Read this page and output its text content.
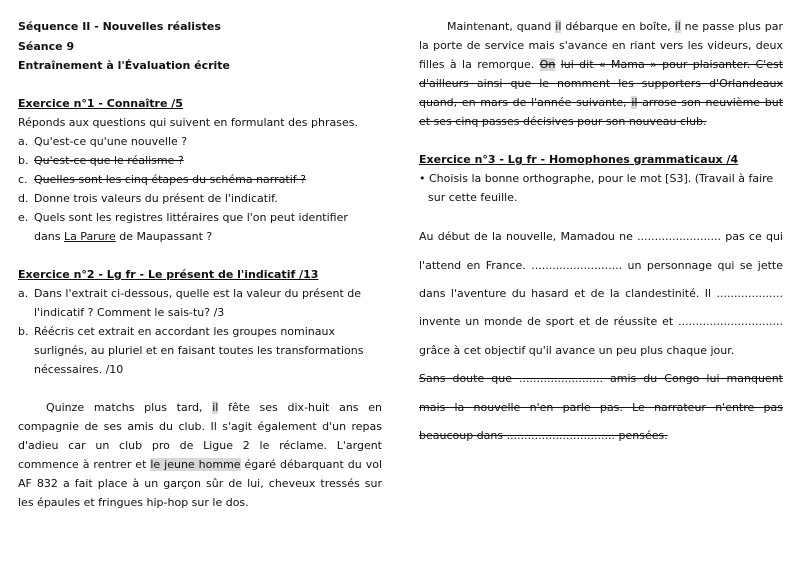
Séquence II - Nouvelles réalistes
Séance 9
Entraînement à l'Évaluation écrite
Exercice n°1 - Connaître /5
Réponds aux questions qui suivent en formulant des phrases.
a. Qu'est-ce qu'une nouvelle ?
b. Qu'est-ce que le réalisme ?
c. Quelles sont les cinq étapes du schéma narratif ?
d. Donne trois valeurs du présent de l'indicatif.
e. Quels sont les registres littéraires que l'on peut identifier
dans La Parure de Maupassant ?
Exercice n°2 - Lg fr - Le présent de l'indicatif /13
a. Dans l'extrait ci-dessous, quelle est la valeur du présent de
l'indicatif ? Comment le sais-tu? /3
b. Réécris cet extrait en accordant les groupes nominaux
surlignés, au pluriel et en faisant toutes les transformations
nécessaires. /10
Quinze matchs plus tard, il fête ses dix-huit ans en
compagnie de ses amis du club. Il s'agit également d'un repas
d'adieu car un club pro de Ligue 2 le réclame. L'argent
commence à rentrer et le jeune homme égaré débarquant du vol
AF 832 a fait place à un garçon sûr de lui, cheveux tressés sur
les épaules et fringues hip-hop sur le dos.
Maintenant, quand il débarque en boîte, il ne passe plus par
la porte de service mais s'avance en riant vers les videurs, deux
filles à la remorque. On lui dit « Mama » pour plaisanter. C'est
d'ailleurs ainsi que le nomment les supporters d'Orlandeaux
quand, en mars de l'année suivante, il arrose son neuvième but
et ses cinq passes décisives pour son nouveau club.
Exercice n°3 - Lg fr - Homophones grammaticaux /4
• Choisis la bonne orthographe, pour le mot [S3]. (Travail à faire
sur cette feuille.
Au début de la nouvelle, Mamadou ne ........................ pas ce qui
l'attend en France. .......................... un personnage qui se jette
dans l'aventure du hasard et de la clandestinité. Il ...................
invente un monde de sport et de réussite et ..............................
grâce à cet objectif qu'il avance un peu plus chaque jour.
Sans doute que ........................ amis du Congo lui manquent
mais la nouvelle n'en parle pas. Le narrateur n'entre pas
beaucoup dans ............................... pensées.
